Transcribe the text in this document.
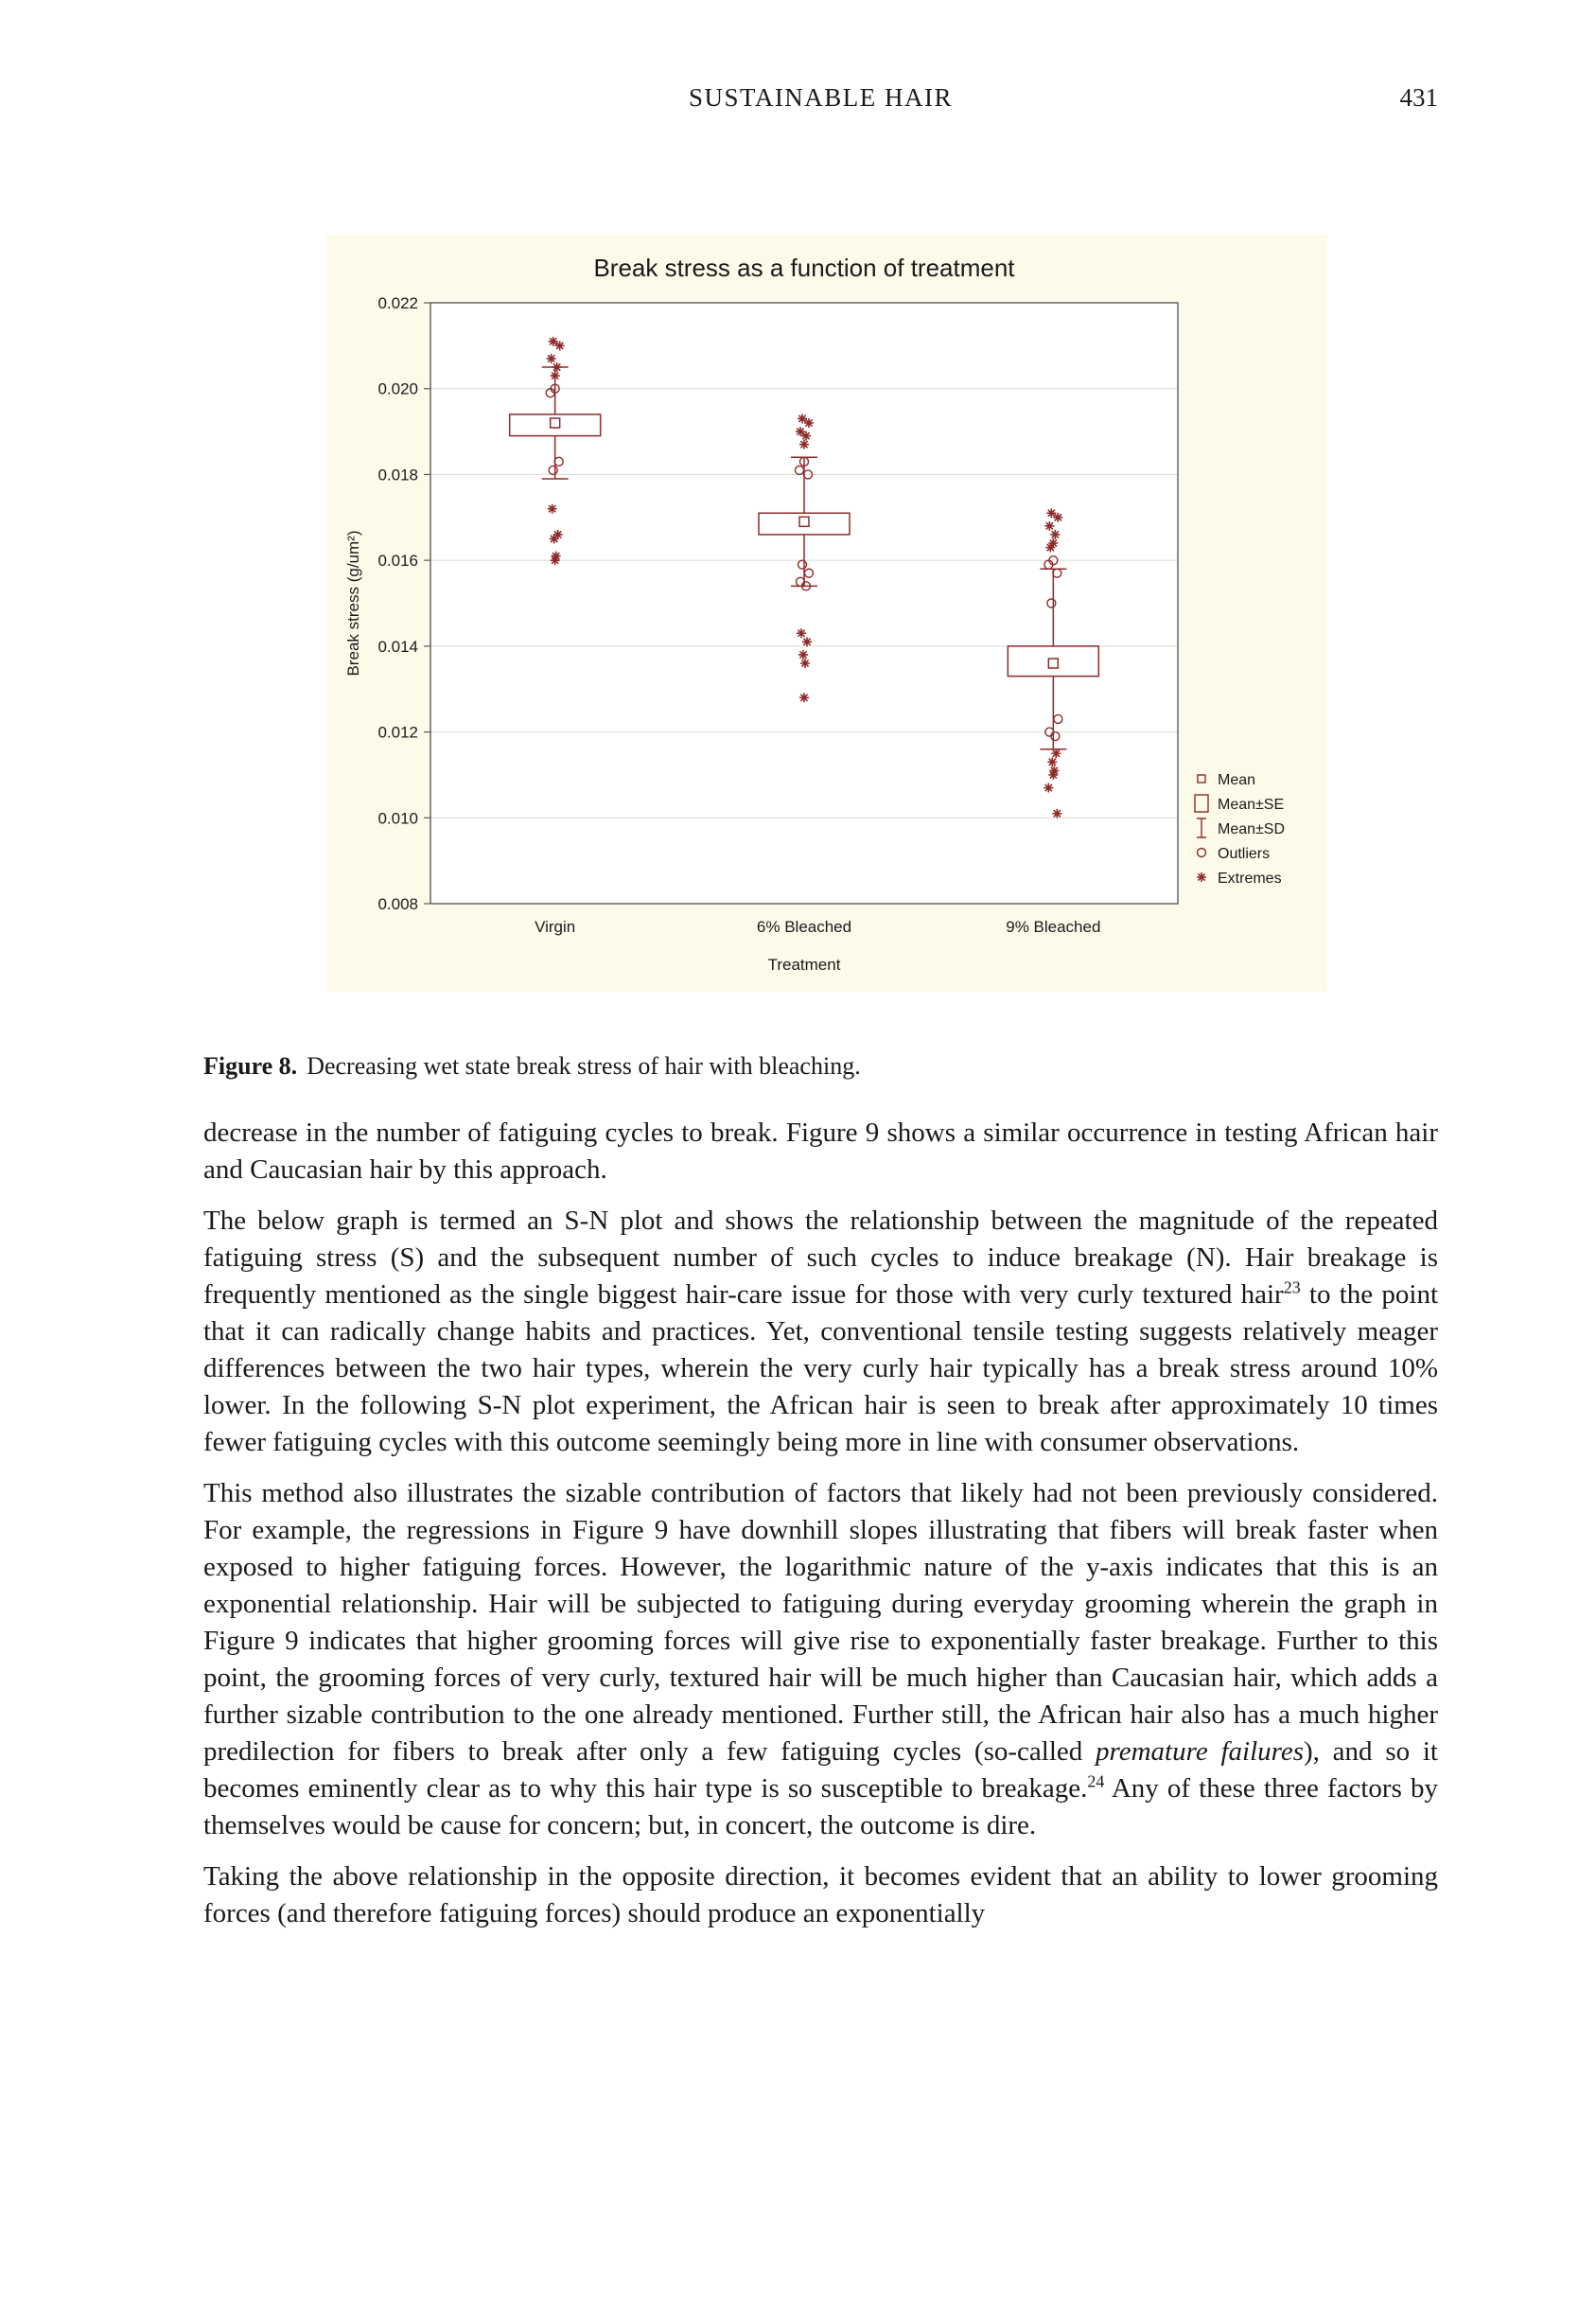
SUSTAINABLE HAIR	431
0.008
0.010
0.012
0.014
0.016
0.018
0.020
0.022
Break stress as a function of treatment
Break stress (g/um²)
Treatment
Virgin	6% Bleached	9% Bleached
Mean
Mean±SE
Mean±SD
Outliers
Extremes
Figure 8. Decreasing wet state break stress of hair with bleaching.

decrease in the number of fatiguing cycles to break. Figure 9 shows a similar occurrence in testing African hair and Caucasian hair by this approach.

The below graph is termed an S-N plot and shows the relationship between the magnitude of the repeated fatiguing stress (S) and the subsequent number of such cycles to induce breakage (N). Hair breakage is frequently mentioned as the single biggest hair-care issue for those with very curly textured hair$^{23}$ to the point that it can radically change habits and practices. Yet, conventional tensile testing suggests relatively meager differences between the two hair types, wherein the very curly hair typically has a break stress around 10% lower. In the following S-N plot experiment, the African hair is seen to break after approximately 10 times fewer fatiguing cycles with this outcome seemingly being more in line with consumer observations.

This method also illustrates the sizable contribution of factors that likely had not been previously considered. For example, the regressions in Figure 9 have downhill slopes illustrating that fibers will break faster when exposed to higher fatiguing forces. However, the logarithmic nature of the y-axis indicates that this is an exponential relationship. Hair will be subjected to fatiguing during everyday grooming wherein the graph in Figure 9 indicates that higher grooming forces will give rise to exponentially faster breakage. Further to this point, the grooming forces of very curly, textured hair will be much higher than Caucasian hair, which adds a further sizable contribution to the one already mentioned. Further still, the African hair also has a much higher predilection for fibers to break after only a few fatiguing cycles (so-called premature failures), and so it becomes eminently clear as to why this hair type is so susceptible to breakage.$^{24}$ Any of these three factors by themselves would be cause for concern; but, in concert, the outcome is dire.

Taking the above relationship in the opposite direction, it becomes evident that an ability to lower grooming forces (and therefore fatiguing forces) should produce an exponentially
